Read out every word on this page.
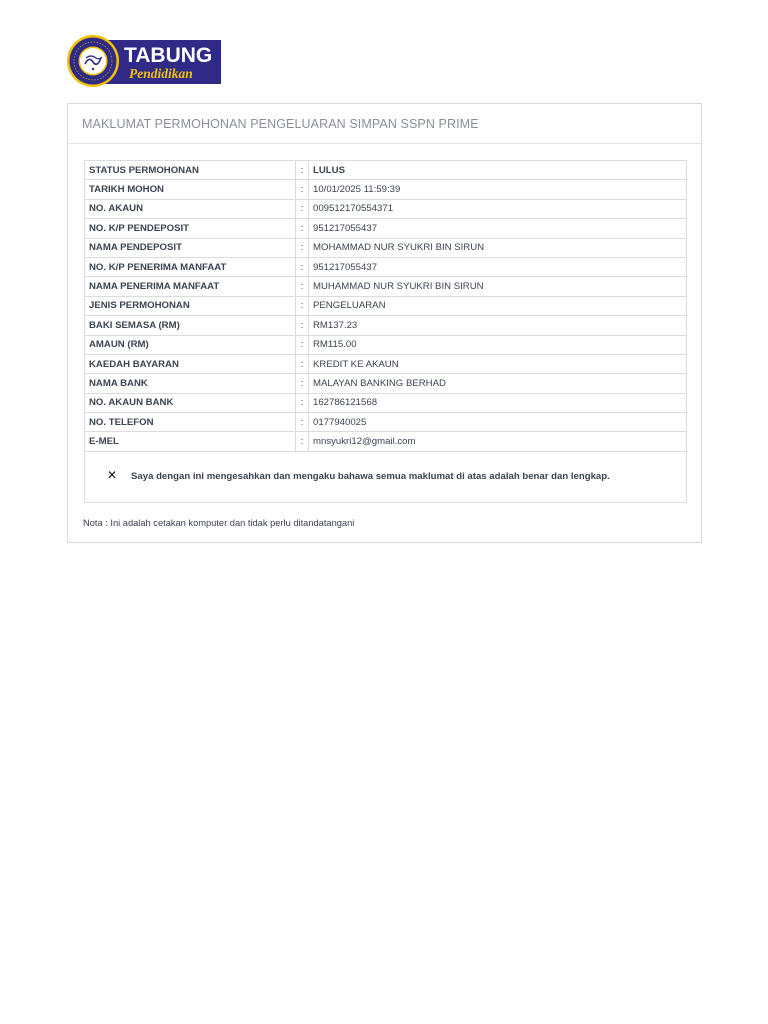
TABUNG
Pendidikan
MAKLUMAT PERMOHONAN PENGELUARAN SIMPAN SSPN PRIME
STATUS PERMOHONAN	:	LULUS
TARIKH MOHON	:	10/01/2025 11:59:39
NO. AKAUN	:	009512170554371
NO. K/P PENDEPOSIT	:	951217055437
NAMA PENDEPOSIT	:	MOHAMMAD NUR SYUKRI BIN SIRUN
NO. K/P PENERIMA MANFAAT	:	951217055437
NAMA PENERIMA MANFAAT	:	MUHAMMAD NUR SYUKRI BIN SIRUN
JENIS PERMOHONAN	:	PENGELUARAN
BAKI SEMASA (RM)	:	RM137.23
AMAUN (RM)	:	RM115.00
KAEDAH BAYARAN	:	KREDIT KE AKAUN
NAMA BANK	:	MALAYAN BANKING BERHAD
NO. AKAUN BANK	:	162786121568
NO. TELEFON	:	0177940025
E-MEL	:	mnsyukri12@gmail.com
✕ Saya dengan ini mengesahkan dan mengaku bahawa semua maklumat di atas adalah benar dan lengkap.
Nota : Ini adalah cetakan komputer dan tidak perlu ditandatangani
